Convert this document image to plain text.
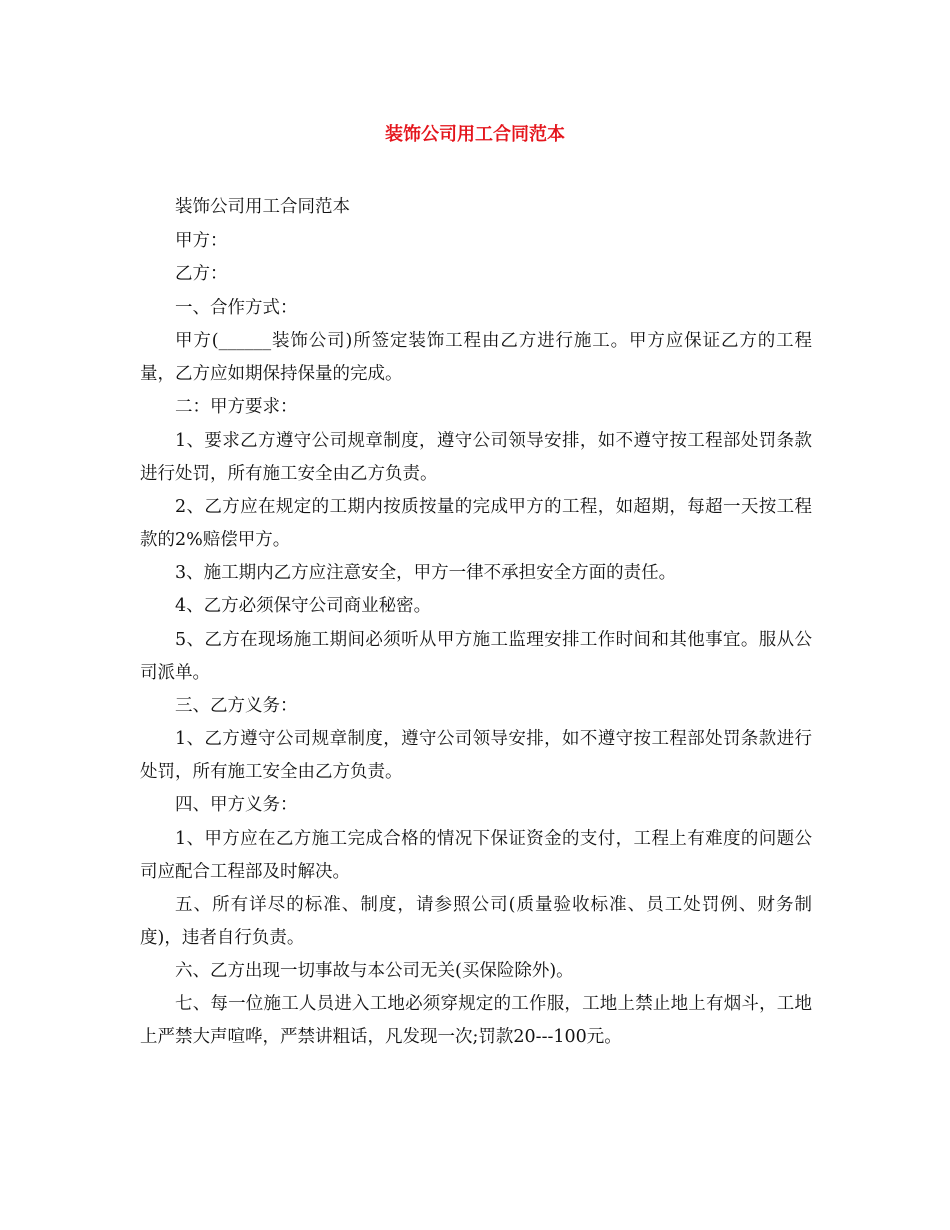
装饰公司用工合同范本

装饰公司用工合同范本

甲方：

乙方：

一、合作方式：

甲方(______装饰公司)所签定装饰工程由乙方进行施工。甲方应保证乙方的工程量，乙方应如期保持保量的完成。

二：甲方要求：

1、要求乙方遵守公司规章制度，遵守公司领导安排，如不遵守按工程部处罚条款进行处罚，所有施工安全由乙方负责。

2、乙方应在规定的工期内按质按量的完成甲方的工程，如超期，每超一天按工程款的2%赔偿甲方。

3、施工期内乙方应注意安全，甲方一律不承担安全方面的责任。

4、乙方必须保守公司商业秘密。

5、乙方在现场施工期间必须听从甲方施工监理安排工作时间和其他事宜。服从公司派单。

三、乙方义务：

1、乙方遵守公司规章制度，遵守公司领导安排，如不遵守按工程部处罚条款进行处罚，所有施工安全由乙方负责。

四、甲方义务：

1、甲方应在乙方施工完成合格的情况下保证资金的支付，工程上有难度的问题公司应配合工程部及时解决。

五、所有详尽的标准、制度，请参照公司(质量验收标准、员工处罚例、财务制度)，违者自行负责。

六、乙方出现一切事故与本公司无关(买保险除外)。

七、每一位施工人员进入工地必须穿规定的工作服，工地上禁止地上有烟斗，工地上严禁大声喧哗，严禁讲粗话，凡发现一次;罚款20---100元。
